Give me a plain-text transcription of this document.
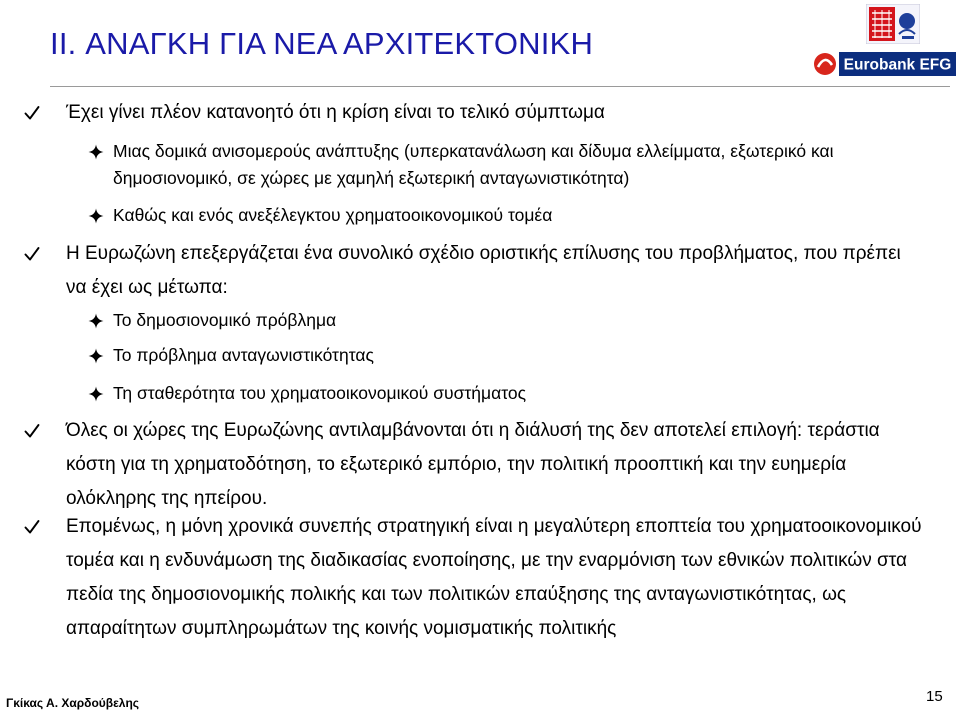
II. ΑΝΑΓΚΗ ΓΙΑ ΝΕΑ ΑΡΧΙΤΕΚΤΟΝΙΚΗ
Eurobank EFG
Έχει γίνει πλέον κατανοητό ότι η κρίση είναι το τελικό σύμπτωμα
Μιας δομικά ανισομερούς ανάπτυξης (υπερκατανάλωση και δίδυμα ελλείμματα, εξωτερικό και δημοσιονομικό, σε χώρες με χαμηλή εξωτερική ανταγωνιστικότητα)
Καθώς και ενός ανεξέλεγκτου χρηματοοικονομικού τομέα
Η Ευρωζώνη επεξεργάζεται ένα συνολικό σχέδιο οριστικής επίλυσης του προβλήματος, που πρέπει να έχει ως μέτωπα:
Το δημοσιονομικό πρόβλημα
Το πρόβλημα ανταγωνιστικότητας
Τη σταθερότητα του χρηματοοικονομικού συστήματος
Όλες οι χώρες της Ευρωζώνης αντιλαμβάνονται ότι η διάλυσή της δεν αποτελεί επιλογή: τεράστια κόστη για τη χρηματοδότηση, το εξωτερικό εμπόριο, την πολιτική προοπτική και την ευημερία ολόκληρης της ηπείρου.
Επομένως, η μόνη χρονικά συνεπής στρατηγική είναι η μεγαλύτερη εποπτεία του χρηματοοικονομικού τομέα και η ενδυνάμωση της διαδικασίας ενοποίησης, με την εναρμόνιση των εθνικών πολιτικών στα πεδία της δημοσιονομικής πολικής και των πολιτικών επαύξησης της ανταγωνιστικότητας, ως απαραίτητων συμπληρωμάτων της κοινής νομισματικής πολιτικής
Γκίκας Α. Χαρδούβελης	15
